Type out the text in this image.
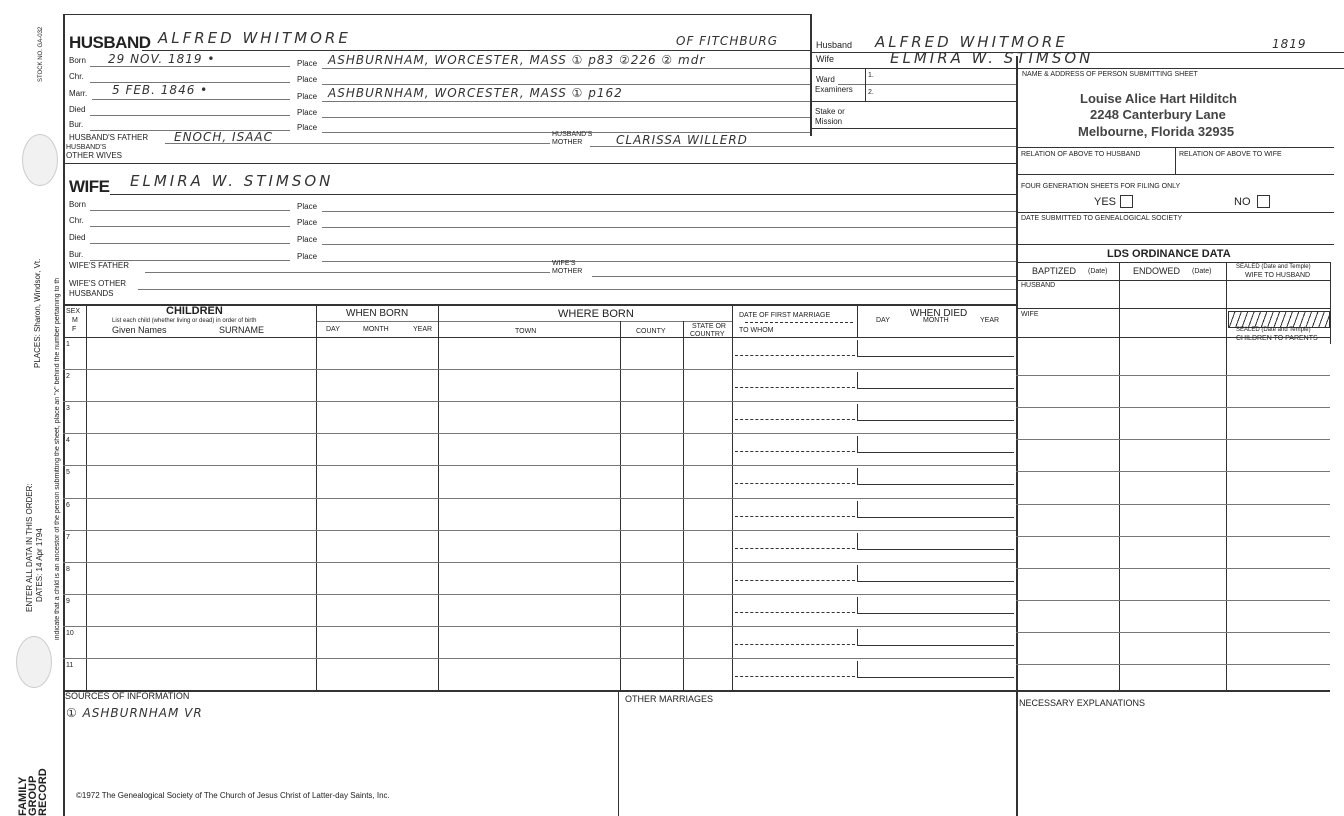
STOCK NO. GA-032
PLACES: Sharon, Windsor, Vt. indicate that a child is an ancestor of the person submitting the sheet, place an "x" behind the number pertaining to th
ENTER ALL DATA IN THIS ORDER: DATES: 14 Apr 1794
FAMILY GROUP RECORD
HUSBAND ALFRED WHITMORE	OF FITCHBURG
Born 29 NOV. 1819 •	Place ASHBURNHAM, WORCESTER, MASS ① p83 ②226 ② mdr
Chr.	Place
Marr. 5 FEB. 1846 •	Place ASHBURNHAM, WORCESTER, MASS ① p162
Died	Place
Bur.	Place
HUSBAND'S FATHER ENOCH, ISAAC	HUSBAND'S
MOTHER	CLARISSA WILLERD
HUSBAND'S
OTHER WIVES
WIFE ELMIRA W. STIMSON
Born	Place
Chr.	Place
Died	Place
Bur.	Place
WIFE'S FATHER	WIFE'S
MOTHER
WIFE'S OTHER
HUSBANDS
Husband ALFRED WHITMORE	1819
Wife	ELMIRA W. STIMSON
Ward
Examiners
1.
2.
Stake or
Mission
NAME & ADDRESS OF PERSON SUBMITTING SHEET
Louise Alice Hart Hilditch
2248 Canterbury Lane
Melbourne, Florida 32935
RELATION OF ABOVE TO HUSBAND	RELATION OF ABOVE TO WIFE
FOUR GENERATION SHEETS FOR FILING ONLY
YES	NO
DATE SUBMITTED TO GENEALOGICAL SOCIETY
LDS ORDINANCE DATA
BAPTIZED (Date)	ENDOWED (Date)
SEALED (Date and Temple)
WIFE TO HUSBAND
HUSBAND
WIFE
SEALED (Date and Temple)
CHILDREN TO PARENTS
SEX
M
F
CHILDREN
List each child (whether living or dead) in order of birth
Given Names	SURNAME
WHEN BORN
DAY	MONTH	YEAR
WHERE BORN
TOWN	COUNTY
STATE OR
COUNTRY
DATE OF FIRST MARRIAGE
TO WHOM
WHEN DIED
DAY	MONTH	YEAR
1
2
3
4
5
6
7
8
9
10
11
SOURCES OF INFORMATION
① ASHBURNHAM VR
OTHER MARRIAGES	NECESSARY EXPLANATIONS
©1972 The Genealogical Society of The Church of Jesus Christ of Latter-day Saints, Inc.
